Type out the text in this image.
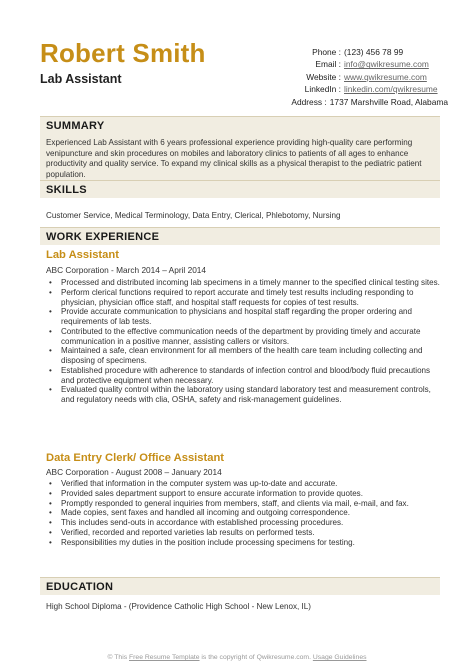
Robert Smith
Lab Assistant
Phone : (123) 456 78 99
Email : info@qwikresume.com
Website : www.qwikresume.com
LinkedIn : linkedin.com/qwikresume
Address : 1737 Marshville Road, Alabama
SUMMARY
Experienced Lab Assistant with 6 years professional experience providing high-quality care performing venipuncture and skin procedures on mobiles and laboratory clinics to patients of all ages to enhance productivity and quality service. To expand my clinical skills as a physical therapist to the pediatric patient population.
SKILLS
Customer Service, Medical Terminology, Data Entry, Clerical, Phlebotomy, Nursing
WORK EXPERIENCE
Lab Assistant
ABC Corporation - March 2014 – April 2014
• Processed and distributed incoming lab specimens in a timely manner to the specified clinical testing sites.
• Perform clerical functions required to report accurate and timely test results including responding to physician, physician office staff, and hospital staff requests for copies of test results.
• Provide accurate communication to physicians and hospital staff regarding the proper ordering and requirements of lab tests.
• Contributed to the effective communication needs of the department by providing timely and accurate communication in a positive manner, assisting callers or visitors.
• Maintained a safe, clean environment for all members of the health care team including collecting and disposing of specimens.
• Established procedure with adherence to standards of infection control and blood/body fluid precautions and protective equipment when necessary.
• Evaluated quality control within the laboratory using standard laboratory test and measurement controls, and regulatory needs with clia, OSHA, safety and risk-management guidelines.
Data Entry Clerk/ Office Assistant
ABC Corporation - August 2008 – January 2014
• Verified that information in the computer system was up-to-date and accurate.
• Provided sales department support to ensure accurate information to provide quotes.
• Promptly responded to general inquiries from members, staff, and clients via mail, e-mail, and fax.
• Made copies, sent faxes and handled all incoming and outgoing correspondence.
• This includes send-outs in accordance with established processing procedures.
• Verified, recorded and reported varieties lab results on performed tests.
• Responsibilities my duties in the position include processing specimens for testing.
EDUCATION
High School Diploma - (Providence Catholic High School - New Lenox, IL)
© This Free Resume Template is the copyright of Qwikresume.com. Usage Guidelines
